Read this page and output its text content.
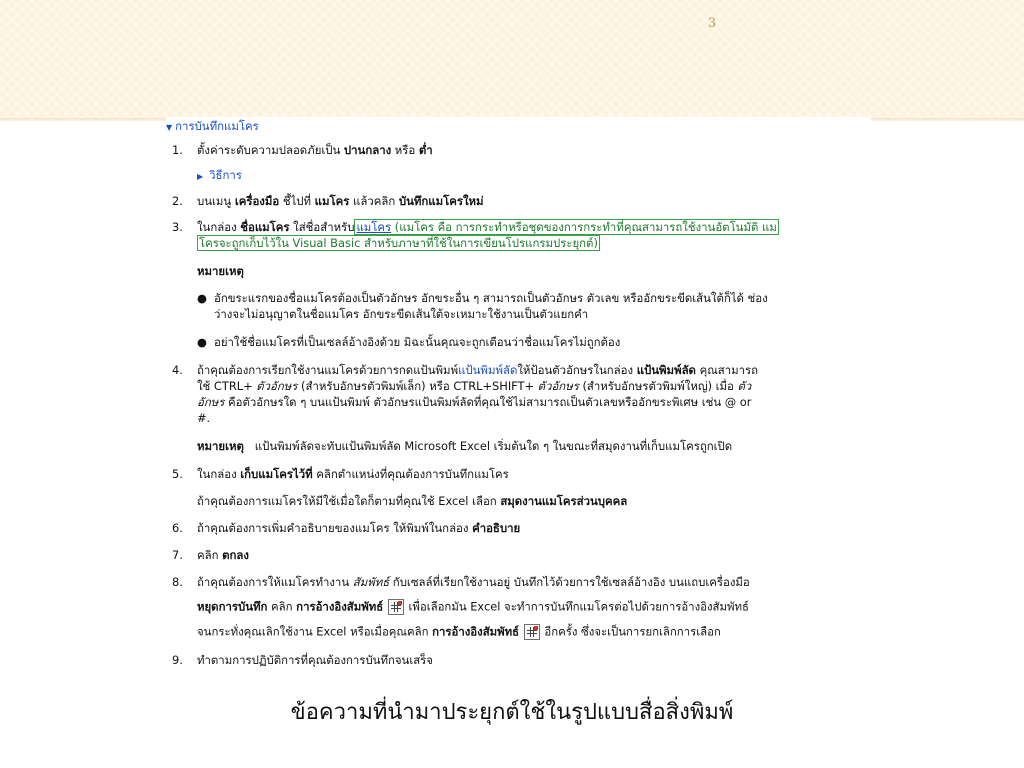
3
▼ การบันทึกแมโคร
1.	ตั้งค่าระดับความปลอดภัยเป็น ปานกลาง หรือ ต่ำ
▶ วิธีการ
2.	บนเมนู เครื่องมือ ชี้ไปที่ แมโคร แล้วคลิก บันทึกแมโครใหม่
3.	ในกล่อง ชื่อแมโคร ใส่ชื่อสำหรับ แมโคร (แมโคร คือ การกระทำหรือชุดของการกระทำที่คุณสามารถใช้งานอัตโนมัติ แม
โครจะถูกเก็บไว้ใน Visual Basic สำหรับภาษาที่ใช้ในการเขียนโปรแกรมประยุกต์)
หมายเหตุ
● อักขระแรกของชื่อแมโครต้องเป็นตัวอักษร อักขระอื่น ๆ สามารถเป็นตัวอักษร ตัวเลข หรืออักขระขีดเส้นใต้ก็ได้ ช่อง
ว่างจะไม่อนุญาตในชื่อแมโคร อักขระขีดเส้นใต้จะเหมาะใช้งานเป็นตัวแยกคำ
● อย่าใช้ชื่อแมโครที่เป็นเซลล์อ้างอิงด้วย มิฉะนั้นคุณจะถูกเตือนว่าชื่อแมโครไม่ถูกต้อง
4.	ถ้าคุณต้องการเรียกใช้งานแมโครด้วยการกดแป้นพิมพ์แป้นพิมพ์ลัดให้ป้อนตัวอักษรในกล่อง แป้นพิมพ์ลัด คุณสามารถ
ใช้ CTRL+ ตัวอักษร (สำหรับอักษรตัวพิมพ์เล็ก) หรือ CTRL+SHIFT+ ตัวอักษร (สำหรับอักษรตัวพิมพ์ใหญ่) เมื่อ ตัว
อักษร คือตัวอักษรใด ๆ บนแป้นพิมพ์ ตัวอักษรแป้นพิมพ์ลัดที่คุณใช้ไม่สามารถเป็นตัวเลขหรืออักขระพิเศษ เช่น @ or
#.
หมายเหตุ   แป้นพิมพ์ลัดจะทับแป้นพิมพ์ลัด Microsoft Excel เริ่มต้นใด ๆ ในขณะที่สมุดงานที่เก็บแมโครถูกเปิด
5.	ในกล่อง เก็บแมโครไว้ที่ คลิกตำแหน่งที่คุณต้องการบันทึกแมโคร
ถ้าคุณต้องการแมโครให้มีใช้เมื่อใดก็ตามที่คุณใช้ Excel เลือก สมุดงานแมโครส่วนบุคคล
6.	ถ้าคุณต้องการเพิ่มคำอธิบายของแมโคร ให้พิมพ์ในกล่อง คำอธิบาย
7.	คลิก ตกลง
8.	ถ้าคุณต้องการให้แมโครทำงาน สัมพัทธ์ กับเซลล์ที่เรียกใช้งานอยู่ บันทึกไว้ด้วยการใช้เซลล์อ้างอิง บนแถบเครื่องมือ
หยุดการบันทึก คลิก การอ้างอิงสัมพัทธ์  เพื่อเลือกมัน Excel จะทำการบันทึกแมโครต่อไปด้วยการอ้างอิงสัมพัทธ์
จนกระทั่งคุณเลิกใช้งาน Excel หรือเมื่อคุณคลิก การอ้างอิงสัมพัทธ์  อีกครั้ง ซึ่งจะเป็นการยกเลิกการเลือก
9.	ทำตามการปฏิบัติการที่คุณต้องการบันทึกจนเสร็จ
ข้อความที่นำมาประยุกต์ใช้ในรูปแบบสื่อสิ่งพิมพ์
